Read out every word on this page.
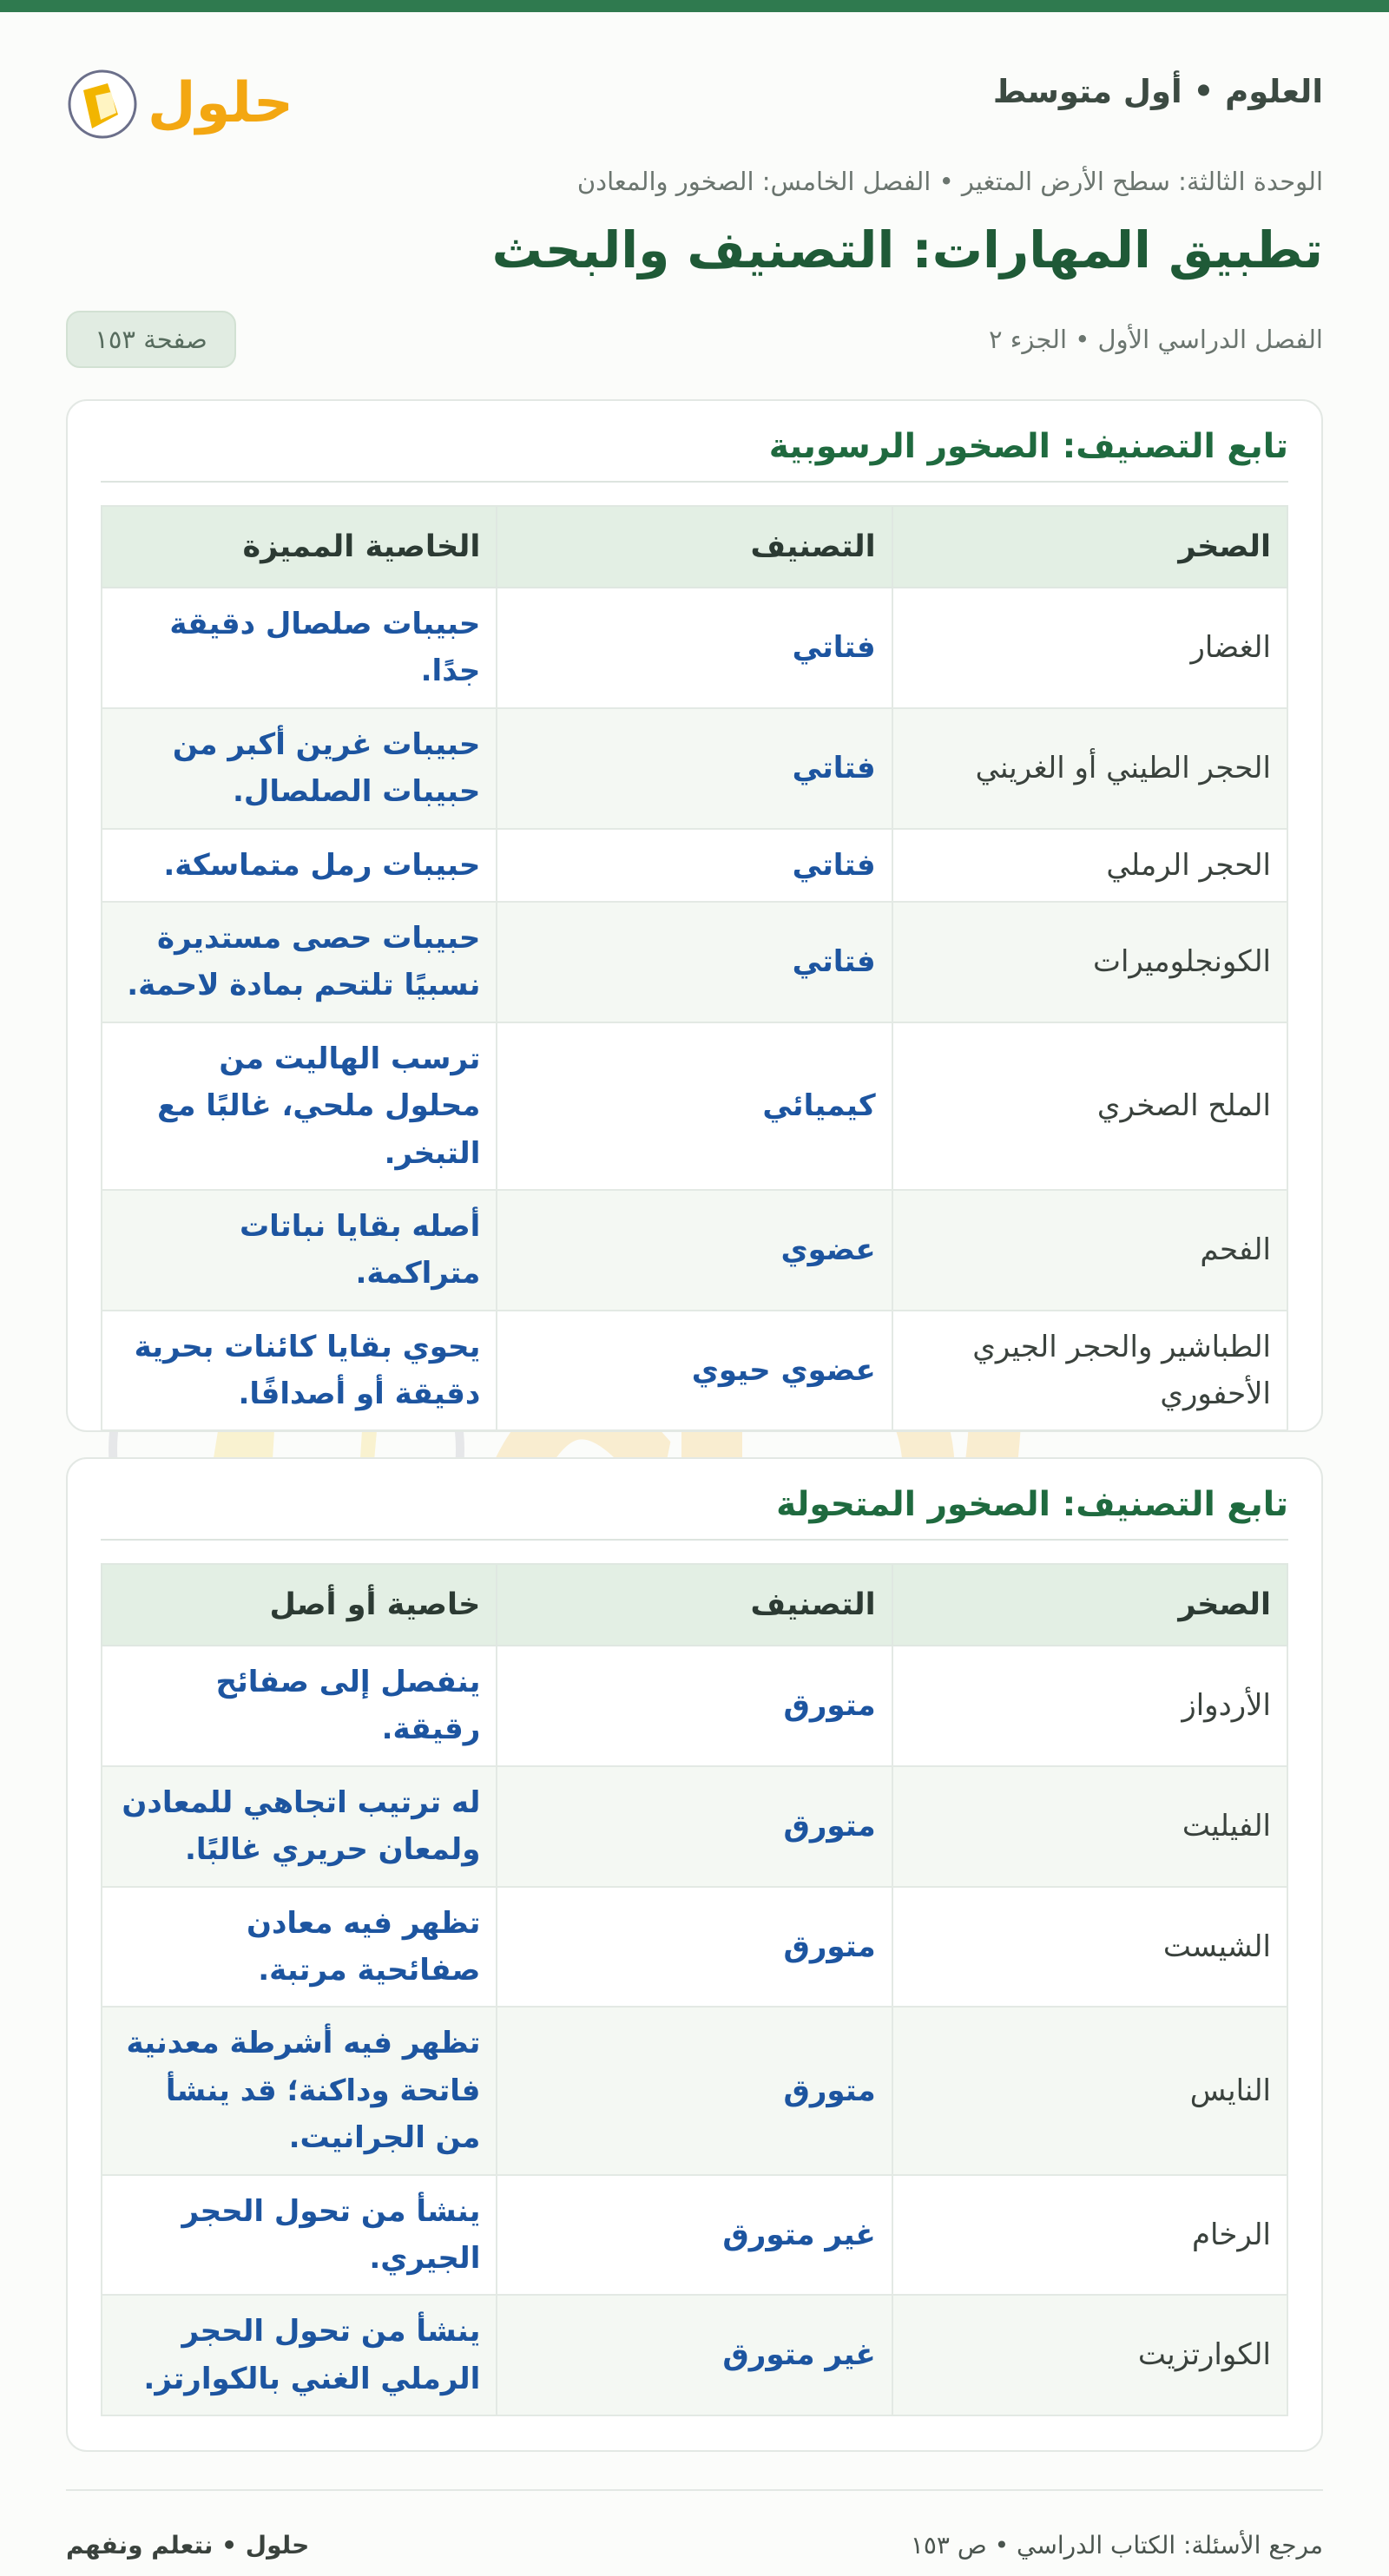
العلوم • أول متوسط
حلول
الوحدة الثالثة: سطح الأرض المتغير • الفصل الخامس: الصخور والمعادن
تطبيق المهارات: التصنيف والبحث
الفصل الدراسي الأول • الجزء ٢
صفحة ١٥٣
تابع التصنيف: الصخور الرسوبية
الصخر	التصنيف	الخاصية المميزة
الغضار	فتاتي	حبيبات صلصال دقيقة جدًا.
الحجر الطيني أو الغريني	فتاتي	حبيبات غرين أكبر من حبيبات الصلصال.
الحجر الرملي	فتاتي	حبيبات رمل متماسكة.
الكونجلوميرات	فتاتي	حبيبات حصى مستديرة نسبيًا تلتحم بمادة لاحمة.
الملح الصخري	كيميائي	ترسب الهاليت من محلول ملحي، غالبًا مع التبخر.
الفحم	عضوي	أصله بقايا نباتات متراكمة.
الطباشير والحجر الجيري الأحفوري	عضوي حيوي	يحوي بقايا كائنات بحرية دقيقة أو أصدافًا.
تابع التصنيف: الصخور المتحولة
الصخر	التصنيف	خاصية أو أصل
الأردواز	متورق	ينفصل إلى صفائح رقيقة.
الفيليت	متورق	له ترتيب اتجاهي للمعادن ولمعان حريري غالبًا.
الشيست	متورق	تظهر فيه معادن صفائحية مرتبة.
النايس	متورق	تظهر فيه أشرطة معدنية فاتحة وداكنة؛ قد ينشأ من الجرانيت.
الرخام	غير متورق	ينشأ من تحول الحجر الجيري.
الكوارتزيت	غير متورق	ينشأ من تحول الحجر الرملي الغني بالكوارتز.
مرجع الأسئلة: الكتاب الدراسي • ص ١٥٣
حلول • نتعلم ونفهم
